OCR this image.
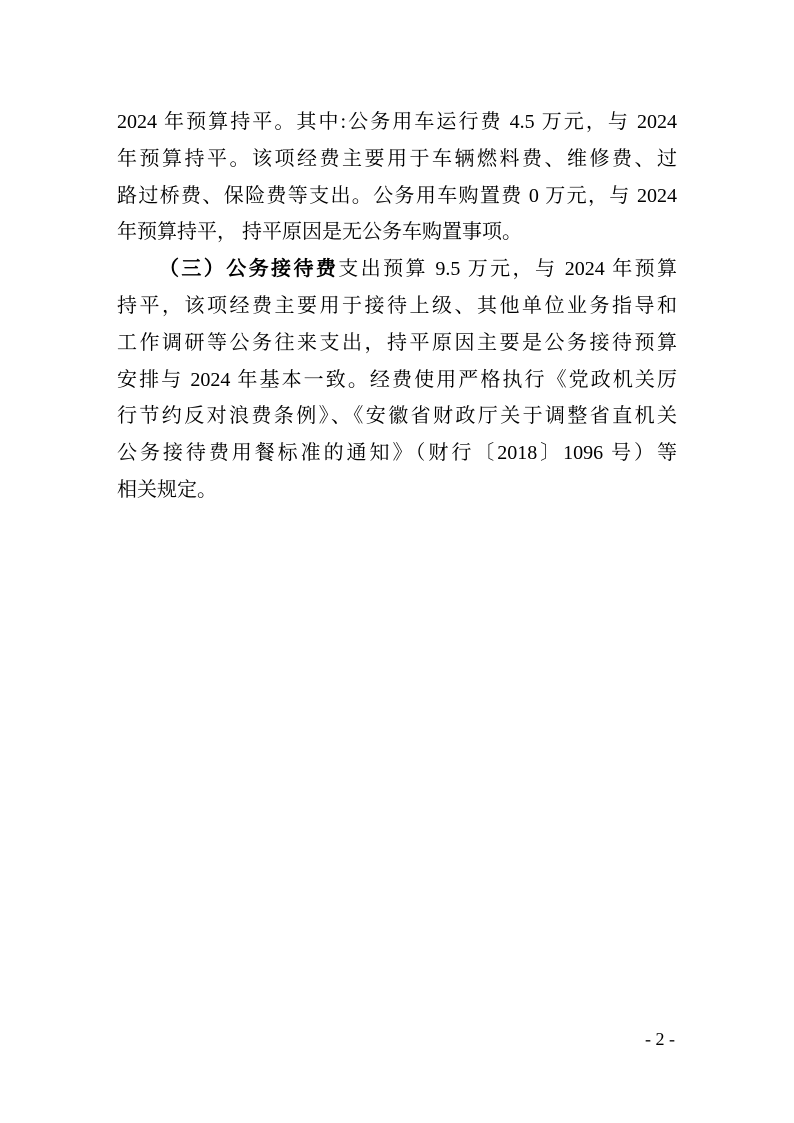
2024 年预算持平。其中:公务用车运行费 4.5 万元，与 2024
年预算持平。该项经费主要用于车辆燃料费、维修费、过
路过桥费、保险费等支出。公务用车购置费 0 万元，与 2024
年预算持平， 持平原因是无公务车购置事项。
（三）公务接待费支出预算 9.5 万元，与 2024 年预算
持平，该项经费主要用于接待上级、其他单位业务指导和
工作调研等公务往来支出，持平原因主要是公务接待预算
安排与 2024 年基本一致。经费使用严格执行《党政机关厉
行节约反对浪费条例》、《安徽省财政厅关于调整省直机关
公务接待费用餐标准的通知》（财行〔2018〕1096 号）等
相关规定。
- 2 -
